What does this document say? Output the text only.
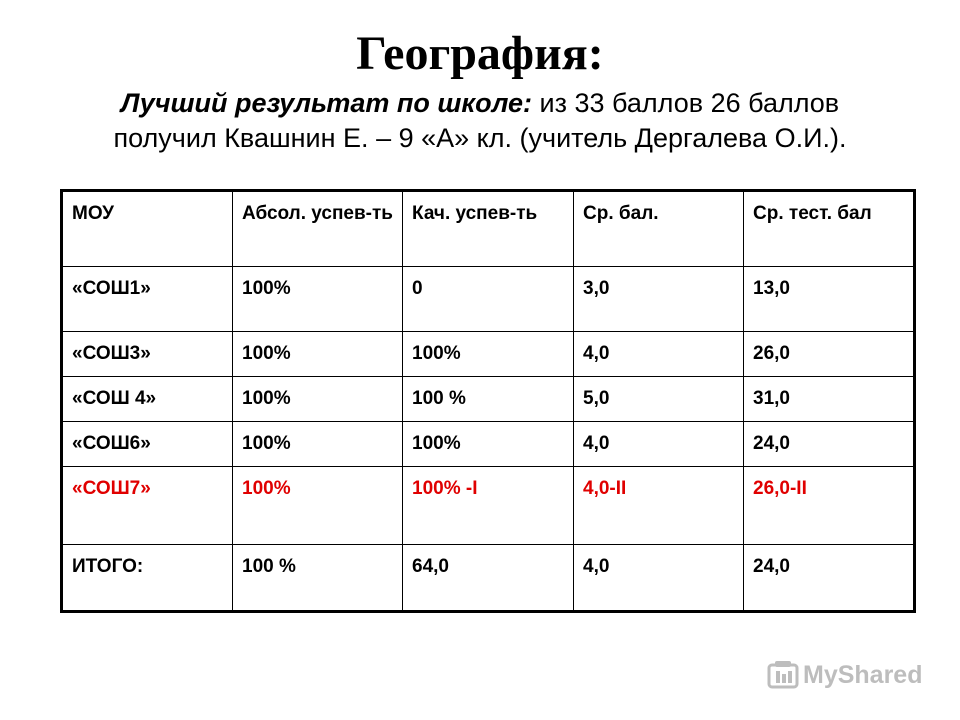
География:
Лучший результат по школе: из 33 баллов 26 баллов
получил Квашнин Е. – 9 «А» кл. (учитель Дергалева О.И.).
МОУ	Абсол. успев-ть	Кач. успев-ть	Ср. бал.	Ср. тест. бал
«СОШ1»	100%	0	3,0	13,0
«СОШ3»	100%	100%	4,0	26,0
«СОШ 4»	100%	100 %	5,0	31,0
«СОШ6»	100%	100%	4,0	24,0
«СОШ7»	100%	100% -I	4,0-II	26,0-II
ИТОГО:	100 %	64,0	4,0	24,0
MyShared
